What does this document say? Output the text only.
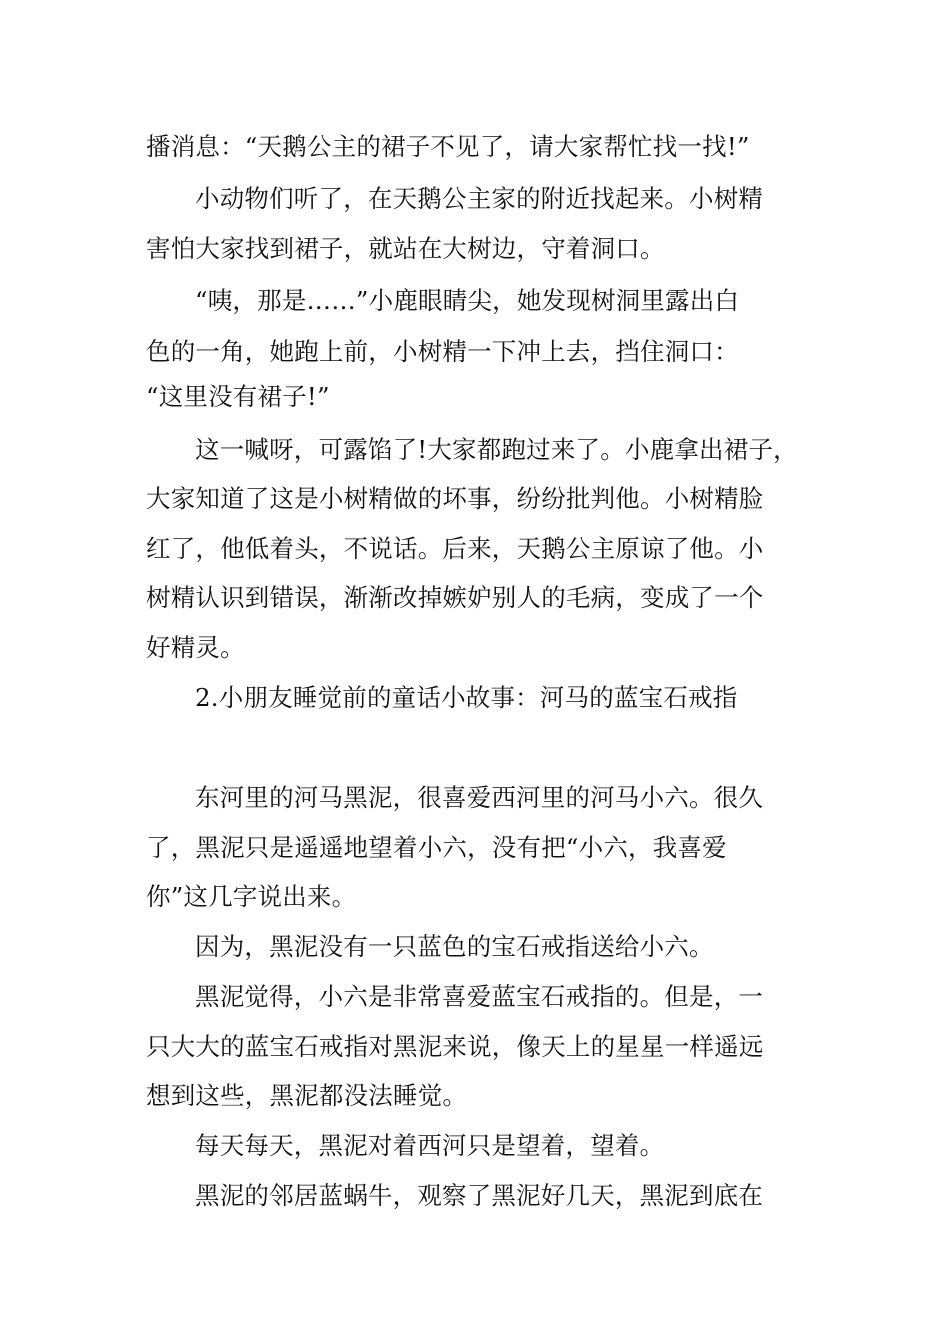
播消息：“天鹅公主的裙子不见了，请大家帮忙找一找!”
小动物们听了，在天鹅公主家的附近找起来。小树精
害怕大家找到裙子，就站在大树边，守着洞口。
“咦，那是……”小鹿眼睛尖，她发现树洞里露出白
色的一角，她跑上前，小树精一下冲上去，挡住洞口：
“这里没有裙子!”
这一喊呀，可露馅了!大家都跑过来了。小鹿拿出裙子，
大家知道了这是小树精做的坏事，纷纷批判他。小树精脸
红了，他低着头，不说话。后来，天鹅公主原谅了他。小
树精认识到错误，渐渐改掉嫉妒别人的毛病，变成了一个
好精灵。
2.小朋友睡觉前的童话小故事：河马的蓝宝石戒指
东河里的河马黑泥，很喜爱西河里的河马小六。很久
了，黑泥只是遥遥地望着小六，没有把“小六，我喜爱
你”这几字说出来。
因为，黑泥没有一只蓝色的宝石戒指送给小六。
黑泥觉得，小六是非常喜爱蓝宝石戒指的。但是，一
只大大的蓝宝石戒指对黑泥来说，像天上的星星一样遥远
想到这些，黑泥都没法睡觉。
每天每天，黑泥对着西河只是望着，望着。
黑泥的邻居蓝蜗牛，观察了黑泥好几天，黑泥到底在
